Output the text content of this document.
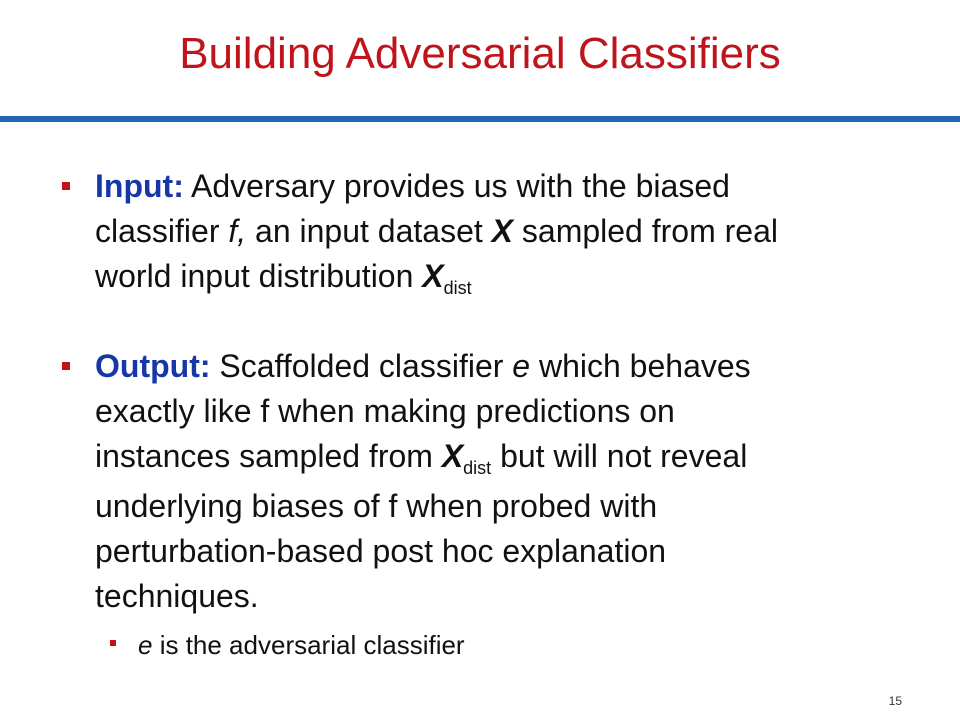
Building Adversarial Classifiers
Input: Adversary provides us with the biased
classifier f, an input dataset X sampled from real
world input distribution $X_{dist}$
Output: Scaffolded classifier e which behaves
exactly like f when making predictions on
instances sampled from $X_{dist}$ but will not reveal
underlying biases of f when probed with
perturbation-based post hoc explanation
techniques.
e is the adversarial classifier
15
